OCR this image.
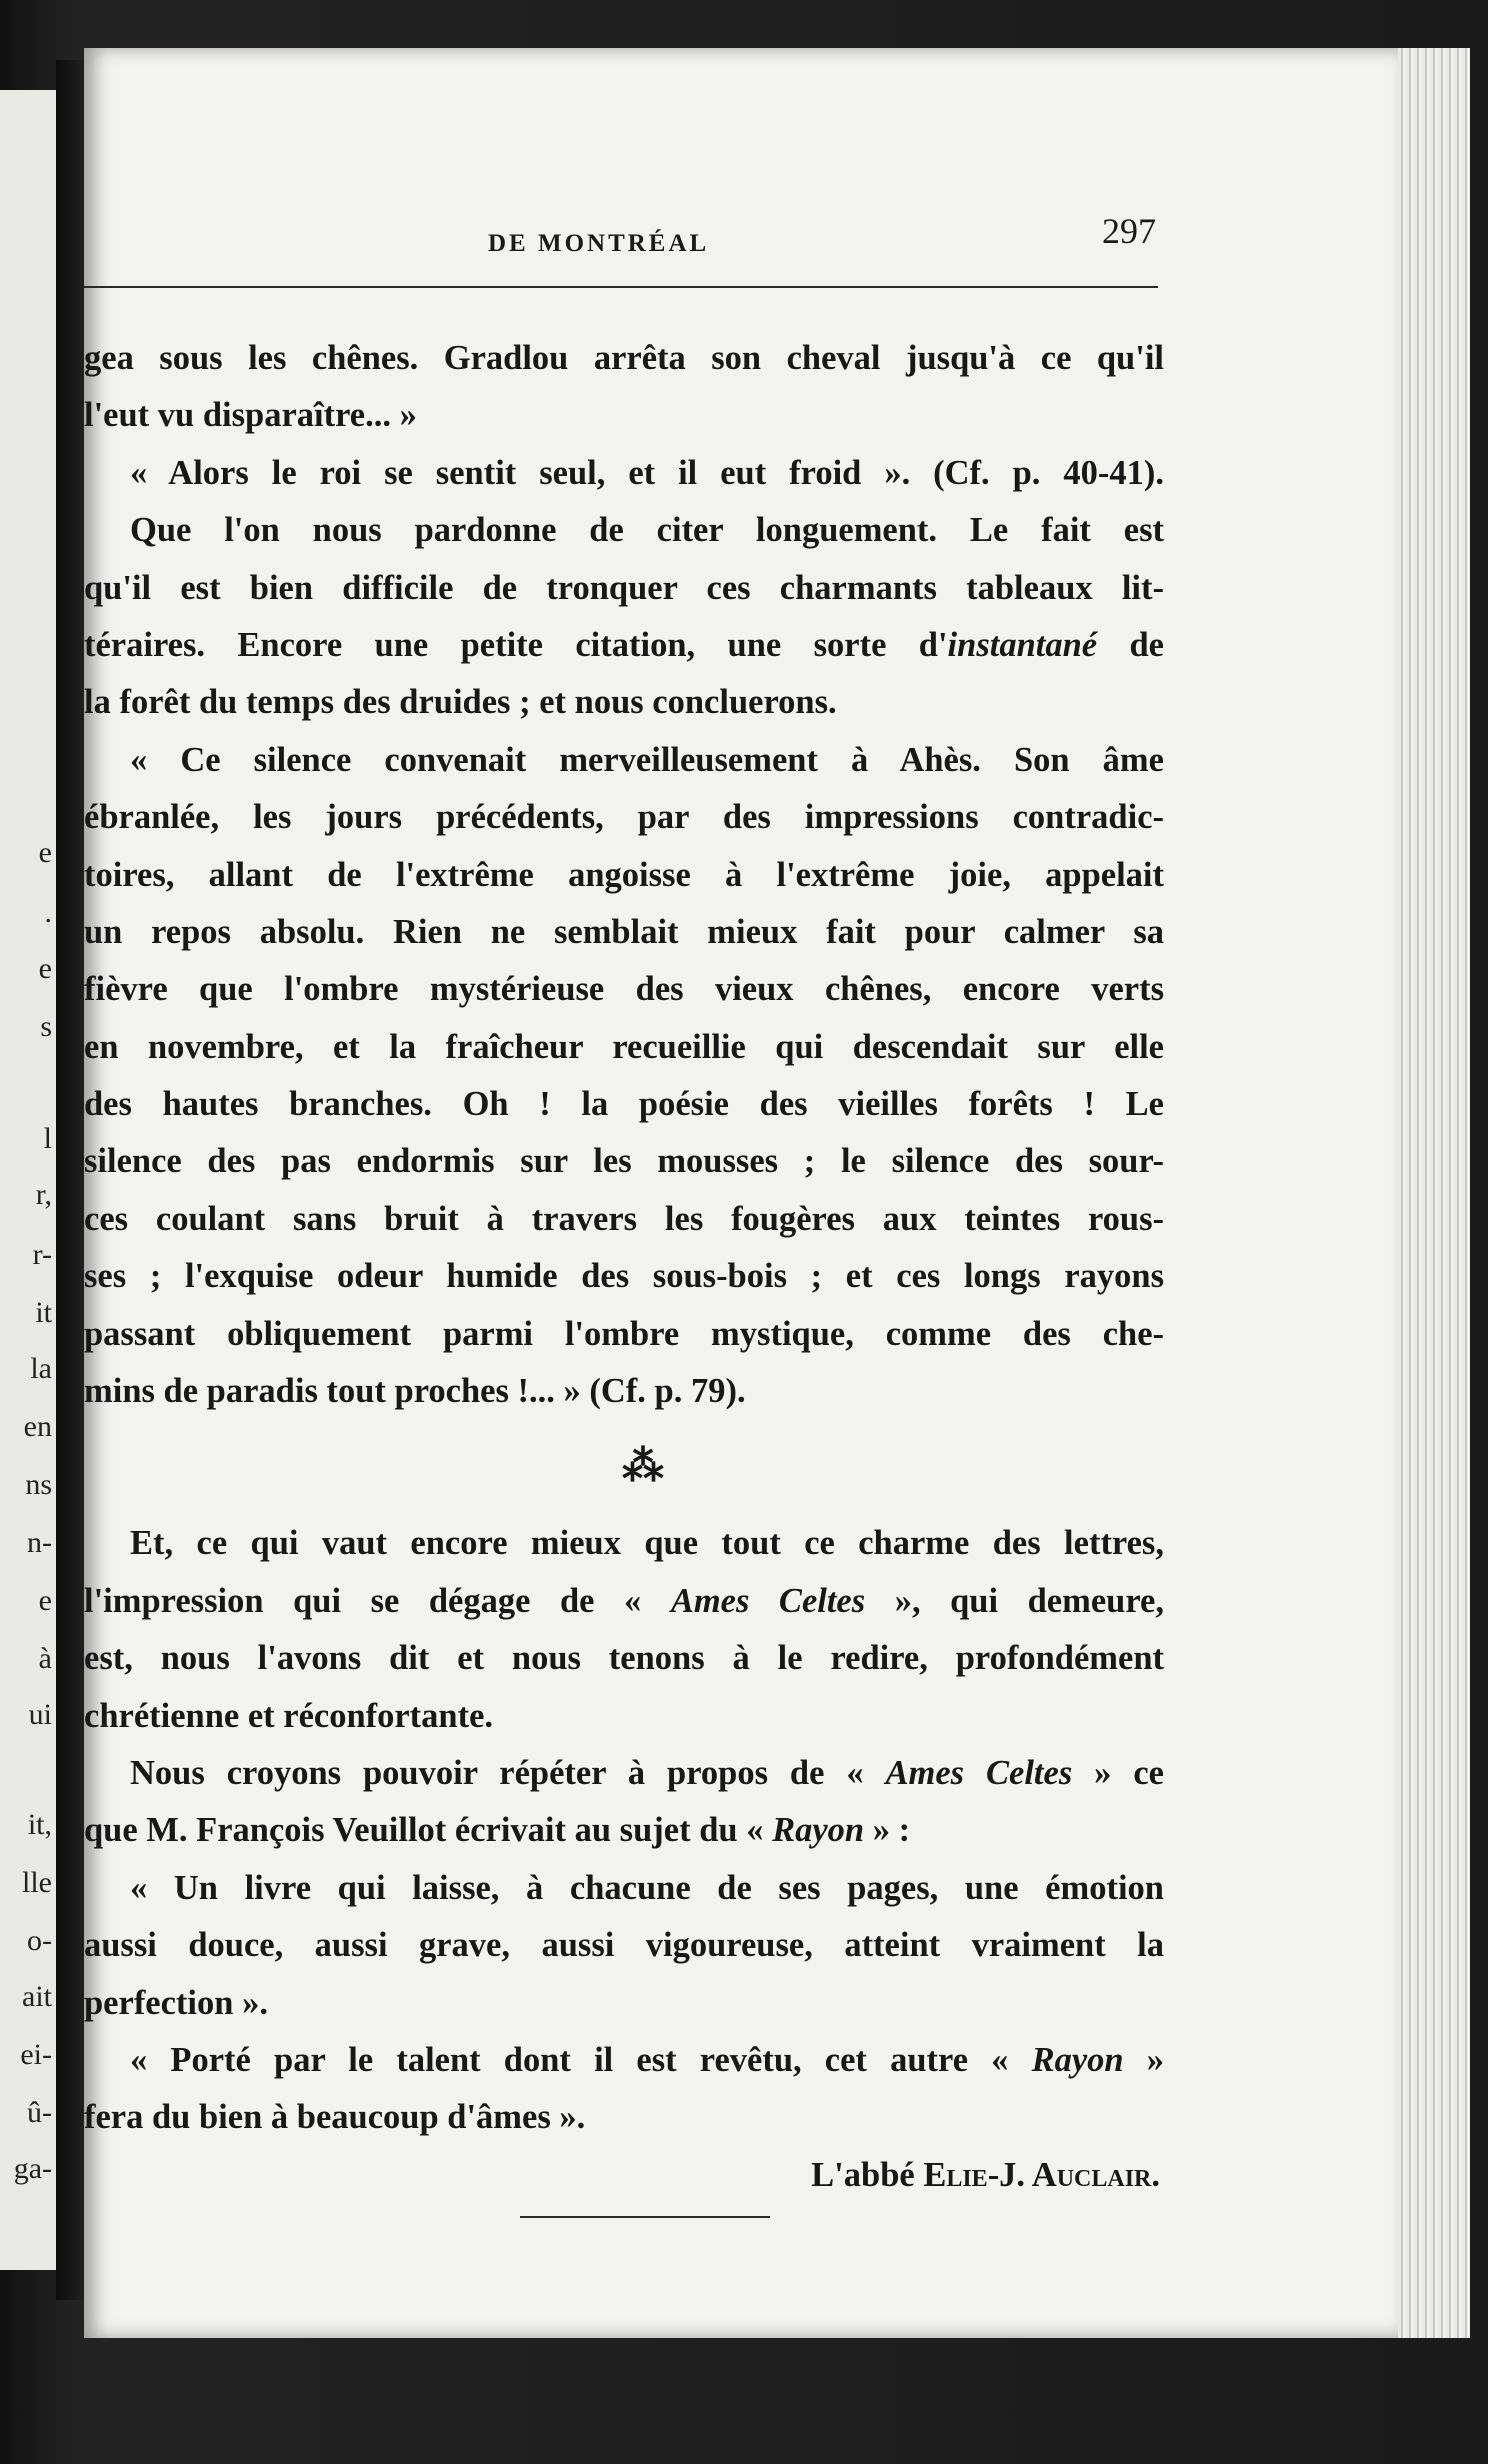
e
.
e
s
l
r,
r-
it
la
en
ns
n-
e
à
ui
it,
lle
o-
ait
ei-
û-
ga-
DE MONTRÉAL	297
gea sous les chênes. Gradlou arrêta son cheval jusqu'à ce qu'il
l'eut vu disparaître... »
« Alors le roi se sentit seul, et il eut froid ». (Cf. p. 40-41).
Que l'on nous pardonne de citer longuement. Le fait est
qu'il est bien difficile de tronquer ces charmants tableaux lit-
téraires. Encore une petite citation, une sorte d'instantané de
la forêt du temps des druides ; et nous concluerons.
« Ce silence convenait merveilleusement à Ahès. Son âme
ébranlée, les jours précédents, par des impressions contradic-
toires, allant de l'extrême angoisse à l'extrême joie, appelait
un repos absolu. Rien ne semblait mieux fait pour calmer sa
fièvre que l'ombre mystérieuse des vieux chênes, encore verts
en novembre, et la fraîcheur recueillie qui descendait sur elle
des hautes branches. Oh ! la poésie des vieilles forêts ! Le
silence des pas endormis sur les mousses ; le silence des sour-
ces coulant sans bruit à travers les fougères aux teintes rous-
ses ; l'exquise odeur humide des sous-bois ; et ces longs rayons
passant obliquement parmi l'ombre mystique, comme des che-
mins de paradis tout proches !... » (Cf. p. 79).
⁂
Et, ce qui vaut encore mieux que tout ce charme des lettres,
l'impression qui se dégage de « Ames Celtes », qui demeure,
est, nous l'avons dit et nous tenons à le redire, profondément
chrétienne et réconfortante.
Nous croyons pouvoir répéter à propos de « Ames Celtes » ce
que M. François Veuillot écrivait au sujet du « Rayon » :
« Un livre qui laisse, à chacune de ses pages, une émotion
aussi douce, aussi grave, aussi vigoureuse, atteint vraiment la
perfection ».
« Porté par le talent dont il est revêtu, cet autre « Rayon »
fera du bien à beaucoup d'âmes ».
L'abbé Elie-J. Auclair.
